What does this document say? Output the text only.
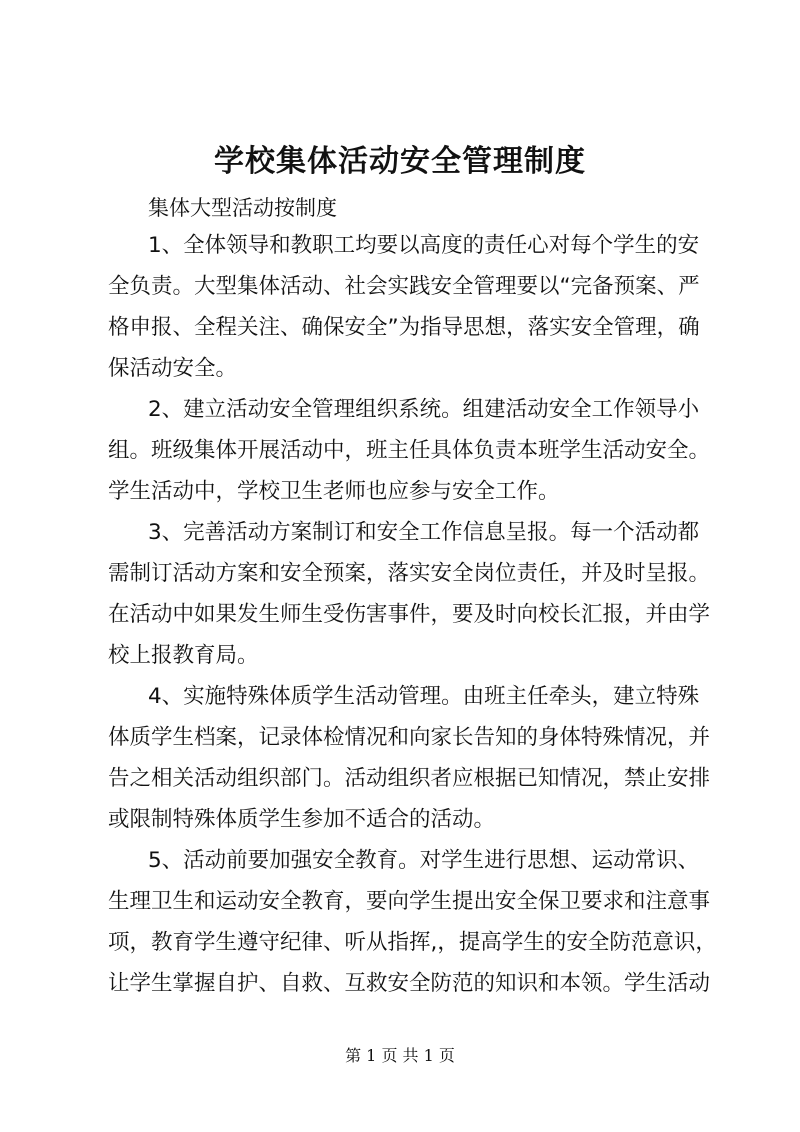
学校集体活动安全管理制度

集体大型活动按制度

1、全体领导和教职工均要以高度的责任心对每个学生的安

全负责。大型集体活动、社会实践安全管理要以“完备预案、严

格申报、全程关注、确保安全”为指导思想，落实安全管理，确

保活动安全。

2、建立活动安全管理组织系统。组建活动安全工作领导小

组。班级集体开展活动中，班主任具体负责本班学生活动安全。

学生活动中，学校卫生老师也应参与安全工作。

3、完善活动方案制订和安全工作信息呈报。每一个活动都

需制订活动方案和安全预案，落实安全岗位责任，并及时呈报。

在活动中如果发生师生受伤害事件，要及时向校长汇报，并由学

校上报教育局。

4、实施特殊体质学生活动管理。由班主任牵头，建立特殊

体质学生档案，记录体检情况和向家长告知的身体特殊情况，并

告之相关活动组织部门。活动组织者应根据已知情况，禁止安排

或限制特殊体质学生参加不适合的活动。

5、活动前要加强安全教育。对学生进行思想、运动常识、

生理卫生和运动安全教育，要向学生提出安全保卫要求和注意事

项，教育学生遵守纪律、听从指挥,，提高学生的安全防范意识，

让学生掌握自护、自救、互救安全防范的知识和本领。学生活动

第 1 页 共 1 页
